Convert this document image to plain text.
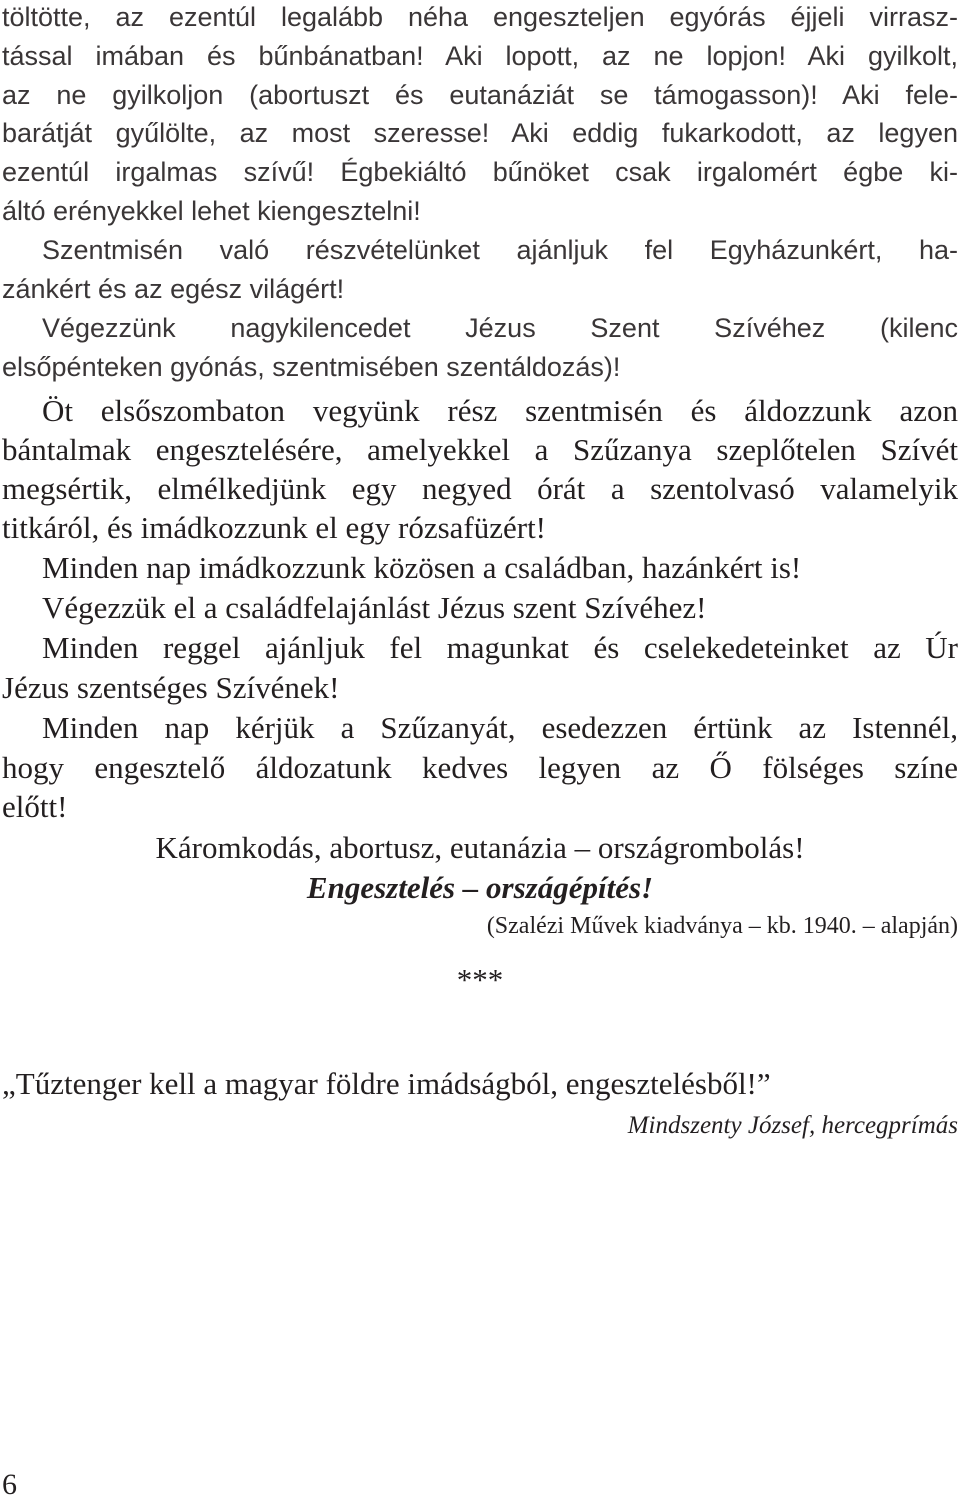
töltötte, az ezentúl legalább néha engeszteljen egyórás éjjeli virrasz-

tással imában és bűnbánatban! Aki lopott, az ne lopjon! Aki gyilkolt,

az ne gyilkoljon (abortuszt és eutanáziát se támogasson)! Aki fele-

barátját gyűlölte, az most szeresse! Aki eddig fukarkodott, az legyen

ezentúl irgalmas szívű! Égbekiáltó bűnöket csak irgalomért égbe ki-

áltó erényekkel lehet kiengesztelni!

Szentmisén való részvételünket ajánljuk fel Egyházunkért, ha-

zánkért és az egész világért!

Végezzünk nagykilencedet Jézus Szent Szívéhez (kilenc

elsőpénteken gyónás, szentmisében szentáldozás)!

Öt elsőszombaton vegyünk rész szentmisén és áldozzunk azon

bántalmak engesztelésére, amelyekkel a Szűzanya szeplőtelen Szívét

megsértik, elmélkedjünk egy negyed órát a szentolvasó valamelyik

titkáról, és imádkozzunk el egy rózsafüzért!

Minden nap imádkozzunk közösen a családban, hazánkért is!

Végezzük el a családfelajánlást Jézus szent Szívéhez!

Minden reggel ajánljuk fel magunkat és cselekedeteinket az Úr

Jézus szentséges Szívének!

Minden nap kérjük a Szűzanyát, esedezzen értünk az Istennél,

hogy engesztelő áldozatunk kedves legyen az Ő fölséges színe

előtt!

Káromkodás, abortusz, eutanázia – országrombolás!

Engesztelés – országépítés!

(Szalézi Művek kiadványa – kb. 1940. – alapján)

***

„Tűztenger kell a magyar földre imádságból, engesztelésből!”

Mindszenty József, hercegprímás

6
